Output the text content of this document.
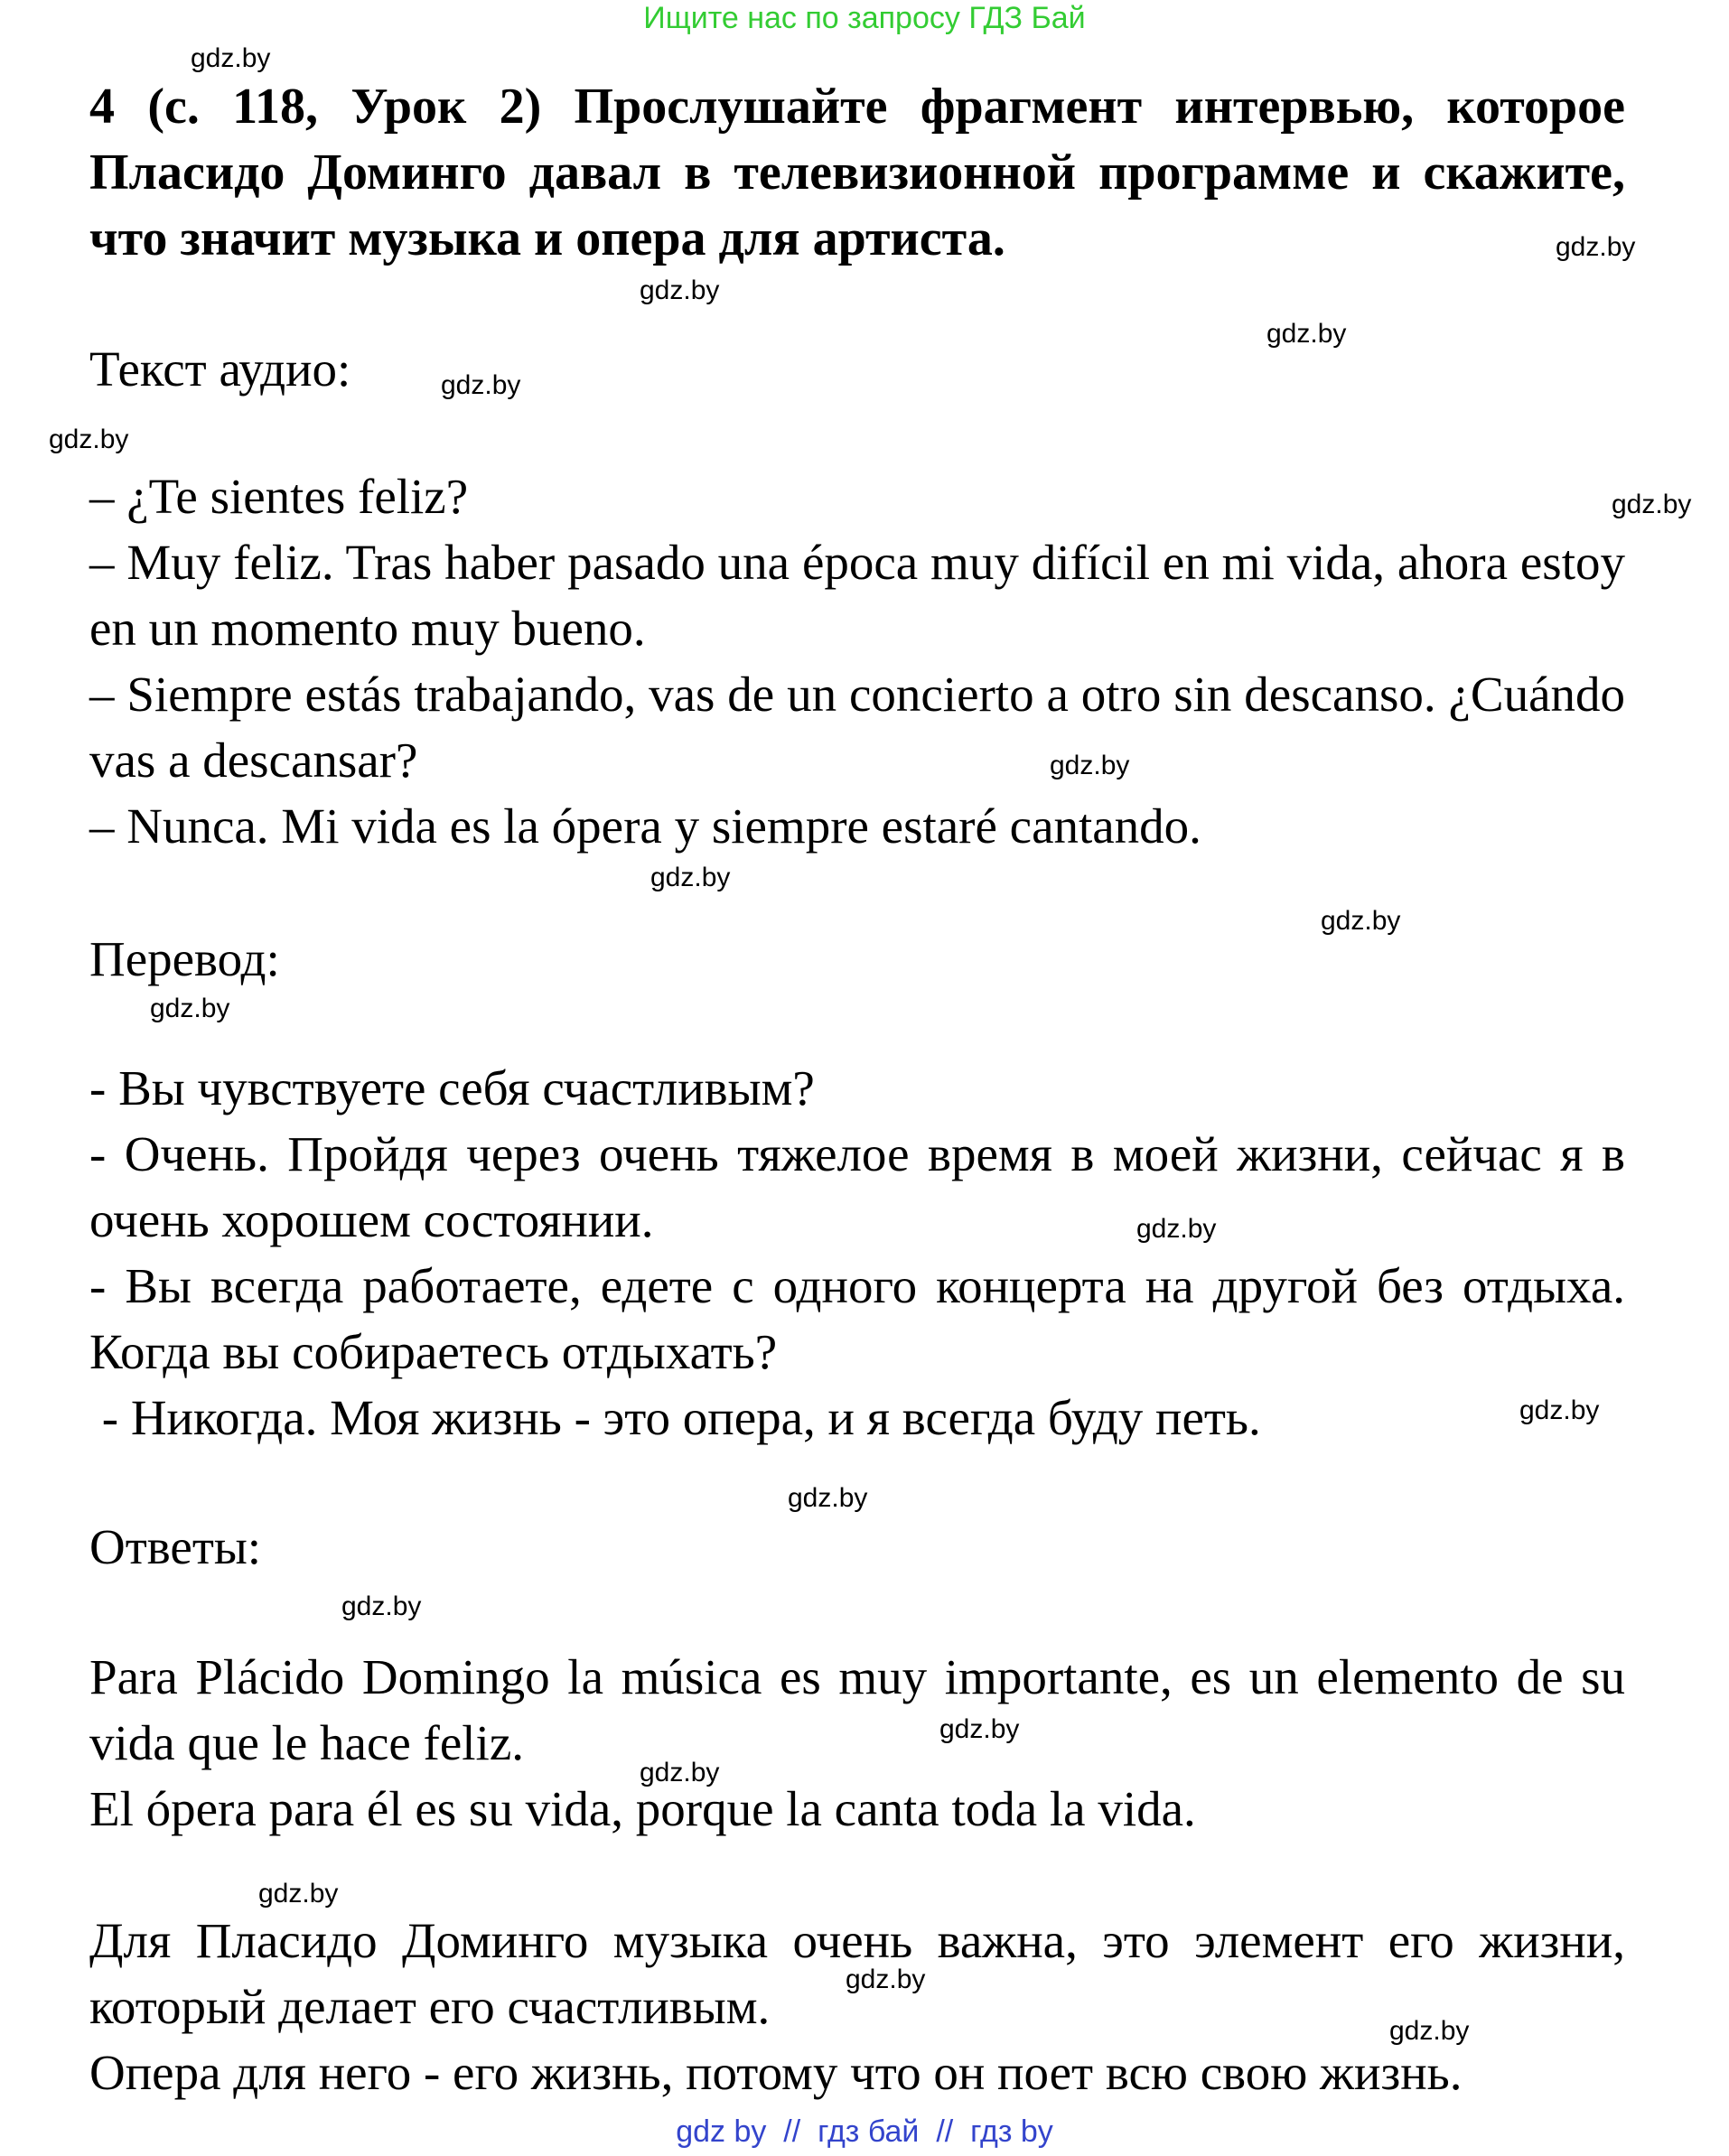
Ищите нас по запросу ГДЗ Бай
4 (с. 118, Урок 2) Прослушайте фрагмент интервью, которое Пласидо Доминго давал в телевизионной программе и скажите, что значит музыка и опера для артиста.
Текст аудио:

– ¿Te sientes feliz?

– Muy feliz. Tras haber pasado una época muy difícil en mi vida, ahora estoy en un momento muy bueno.

– Siempre estás trabajando, vas de un concierto a otro sin descanso. ¿Cuándo vas a descansar?

– Nunca. Mi vida es la ópera y siempre estaré cantando.

Перевод:

- Вы чувствуете себя счастливым?

- Очень. Пройдя через очень тяжелое время в моей жизни, сейчас я в очень хорошем состоянии.

- Вы всегда работаете, едете с одного концерта на другой без отдыха. Когда вы собираетесь отдыхать?

- Никогда. Моя жизнь - это опера, и я всегда буду петь.

Ответы:

Para Plácido Domingo la música es muy importante, es un elemento de su vida que le hace feliz.

El ópera para él es su vida, porque la canta toda la vida.

Для Пласидо Доминго музыка очень важна, это элемент его жизни, который делает его счастливым.

Опера для него - его жизнь, потому что он поет всю свою жизнь.

gdz.by
gdz.by
gdz.by
gdz.by
gdz.by
gdz.by
gdz.by
gdz.by
gdz.by
gdz.by
gdz.by
gdz.by
gdz.by
gdz.by
gdz.by
gdz.by
gdz.by
gdz.by
gdz.by
gdz.by
gdz by  //  гдз бай  //  гдз by
